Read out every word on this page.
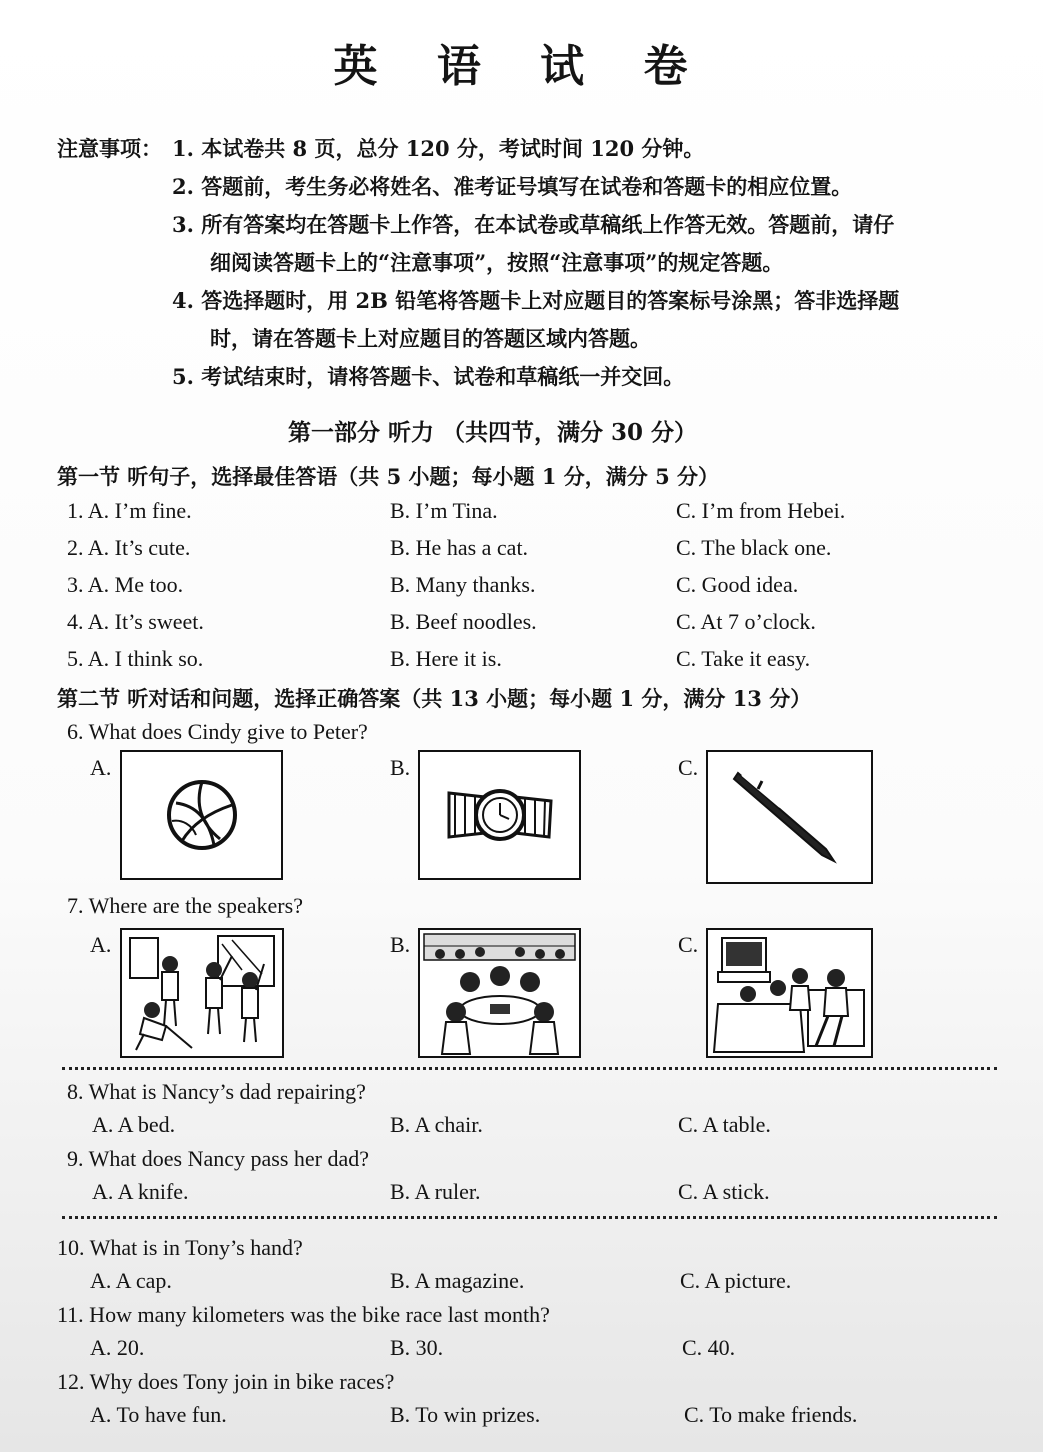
英 语 试 卷
注意事项： 1. 本试卷共 8 页，总分 120 分，考试时间 120 分钟。
2. 答题前，考生务必将姓名、准考证号填写在试卷和答题卡的相应位置。
3. 所有答案均在答题卡上作答，在本试卷或草稿纸上作答无效。答题前，请仔
细阅读答题卡上的“注意事项”，按照“注意事项”的规定答题。
4. 答选择题时，用 2B 铅笔将答题卡上对应题目的答案标号涂黑；答非选择题
时，请在答题卡上对应题目的答题区域内答题。
5. 考试结束时，请将答题卡、试卷和草稿纸一并交回。
第一部分 听力 （共四节，满分 30 分）
第一节 听句子，选择最佳答语（共 5 小题；每小题 1 分，满分 5 分）
1. A. I’m fine.	B. I’m Tina.	C. I’m from Hebei.
2. A. It’s cute.	B. He has a cat.	C. The black one.
3. A. Me too.	B. Many thanks.	C. Good idea.
4. A. It’s sweet.	B. Beef noodles.	C. At 7 o’clock.
5. A. I think so.	B. Here it is.	C. Take it easy.
第二节 听对话和问题，选择正确答案（共 13 小题；每小题 1 分，满分 13 分）
6. What does Cindy give to Peter?
A.	B.	C.
7. Where are the speakers?
A.	B.	C.
8. What is Nancy’s dad repairing?
A. A bed.	B. A chair.	C. A table.
9. What does Nancy pass her dad?
A. A knife.	B. A ruler.	C. A stick.
10. What is in Tony’s hand?
A. A cap.	B. A magazine.	C. A picture.
11. How many kilometers was the bike race last month?
A. 20.	B. 30.	C. 40.
12. Why does Tony join in bike races?
A. To have fun.	B. To win prizes.	C. To make friends.
